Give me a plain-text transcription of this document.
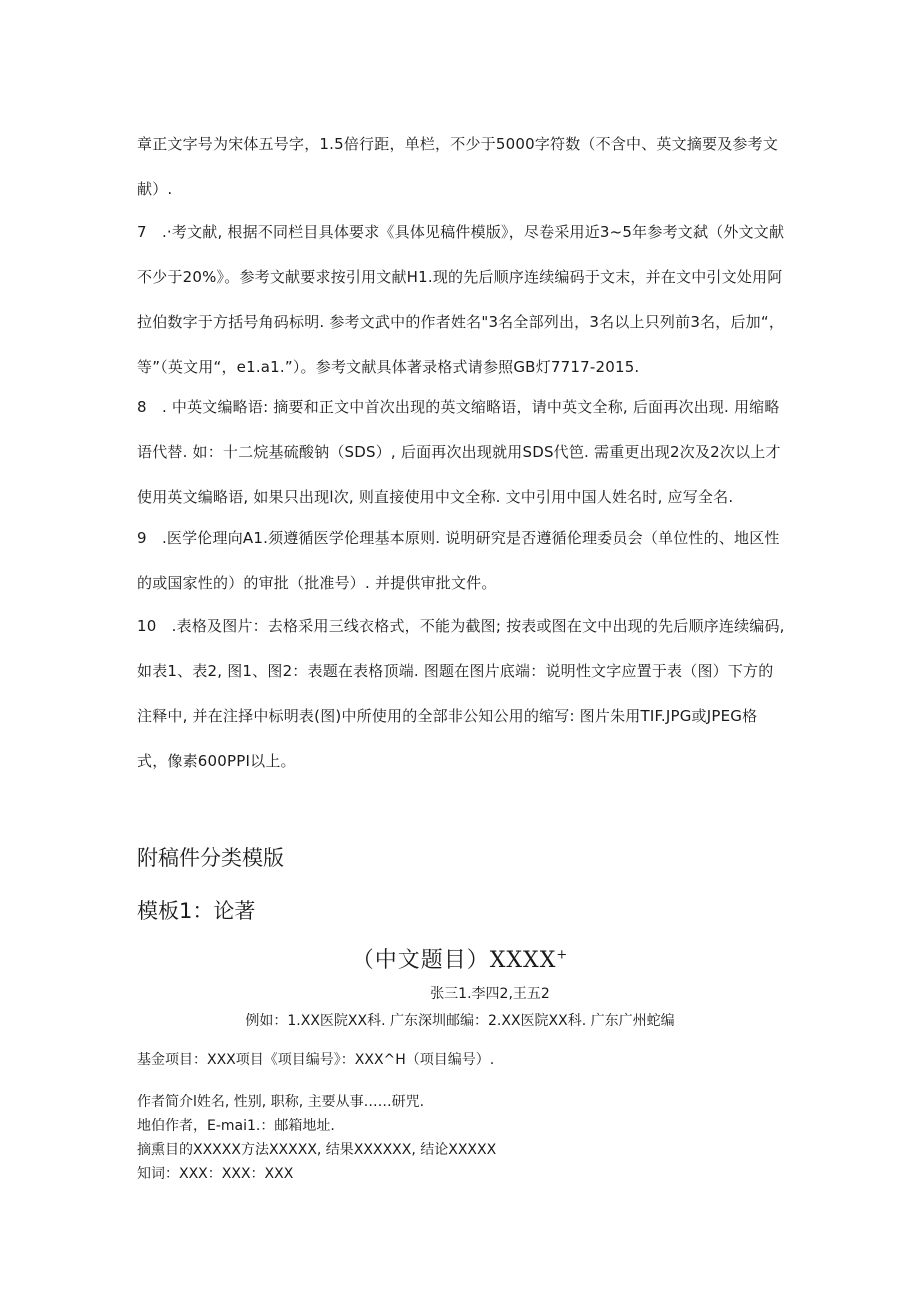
章正文字号为宋体五号字，1.5倍行距，单栏，不少于5000字符数（不含中、英文摘要及参考文献）.

7　.·考文献, 根据不同栏目具体要求《具体见稿件模版》，尽卷采用近3~5年参考文弑（外文文献不少于20%》。参考文献要求按引用文献H1.现的先后顺序连续编码于文末，并在文中引文处用阿拉伯数字于方括号角码标明. 参考文武中的作者姓名"3名全部列出，3名以上只列前3名，后加“，等”（英文用“，e1.a1.”）。参考文献具体著录格式请参照GB灯7717-2015.

8　. 中英文编略语: 摘要和正文中首次出现的英文缩略语，请中英文全称, 后面再次出现. 用缩略语代替. 如：十二烷基硫酸钠（SDS）, 后面再次出现就用SDS代笆. 需重更出现2次及2次以上才使用英文编略语, 如果只出现l次, 则直接使用中文全称. 文中引用中国人姓名时, 应写全名.

9　.医学伦理向A1.须遵循医学伦理基本原则. 说明研究是否遵循伦理委员会（单位性的、地区性的或国家性的）的审批（批准号）. 并提供审批文件。

10　.表格及图片：去格采用三线衣格式，不能为截图; 按表或图在文中出现的先后顺序连续编码, 如表1、表2, 图1、图2：表题在表格顶端. 图题在图片底端：说明性文字应置于表（图）下方的注释中, 并在注择中标明表(图)中所使用的全部非公知公用的缩写: 图片朱用TIF.JPG或JPEG格式，像素600PPI以上。

附稿件分类模版
模板1：论著

（中文题目）XXXX+

张三1.李四2,王五2

例如：1.XX医院XX科. 广东深圳邮编：2.XX医院XX科. 广东广州蛇编

基金项目：XXX项目《项目编号》：XXX^H（项目编号）.

作者简介l姓名, 性别, 职称, 主要从事……研咒.

地伯作者，E-mai1.：邮箱地址.

摘熏目的XXXXX方法XXXXX, 结果XXXXXX, 结论XXXXX

知词：XXX：XXX：XXX
